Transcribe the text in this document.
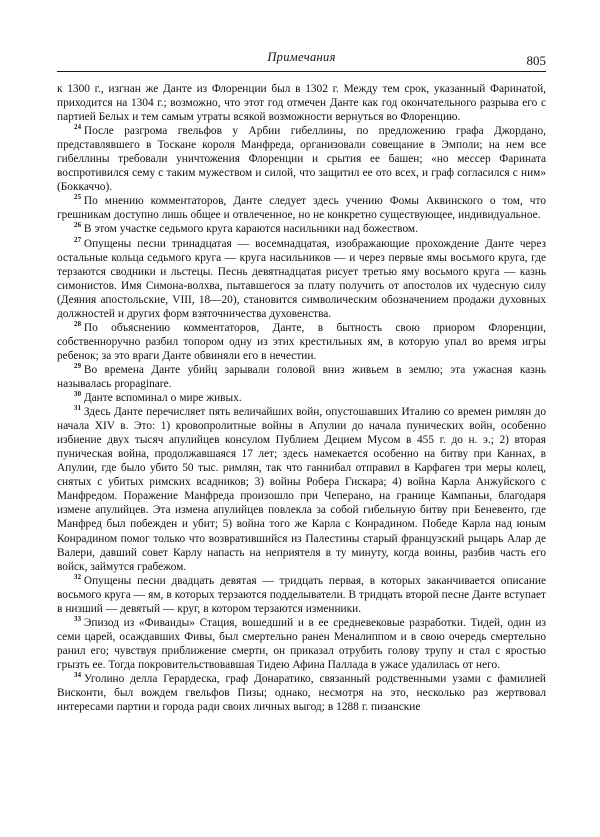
Примечания	805

к 1300 г., изгнан же Данте из Флоренции был в 1302 г. Между тем срок, указанный Фаринатой, приходится на 1304 г.; возможно, что этот год отмечен Данте как год окончательного разрыва его с партией Белых и тем самым утраты всякой возможности вернуться во Флоренцию.

$^{24}$ После разгрома гвельфов у Арбии гибеллины, по предложению графа Джордано, представлявшего в Тоскане короля Манфреда, организовали совещание в Эмполи; на нем все гибеллины требовали уничтожения Флоренции и срытия ее башен; «но мессер Фарината воспротивился сему с таким мужеством и силой, что защитил ее ото всех, и граф согласился с ним» (Боккаччо).

$^{25}$ По мнению комментаторов, Данте следует здесь учению Фомы Аквинского о том, что грешникам доступно лишь общее и отвлеченное, но не конкретно существующее, индивидуальное.

$^{26}$ В этом участке седьмого круга караются насильники над божеством.

$^{27}$ Опущены песни тринадцатая — восемнадцатая, изображающие прохождение Данте через остальные кольца седьмого круга — круга насильников — и через первые ямы восьмого круга, где терзаются сводники и льстецы. Песнь девятнадцатая рисует третью яму восьмого круга — казнь симонистов. Имя Симона-волхва, пытавшегося за плату получить от апостолов их чудесную силу (Деяния апостольские, VIII, 18—20), становится символическим обозначением продажи духовных должностей и других форм взяточничества духовенства.

$^{28}$ По объяснению комментаторов, Данте, в бытность свою приором Флоренции, собственноручно разбил топором одну из этих крестильных ям, в которую упал во время игры ребенок; за это враги Данте обвиняли его в нечестии.

$^{29}$ Во времена Данте убийц зарывали головой вниз живьем в землю; эта ужасная казнь называлась propaginare.

$^{30}$ Данте вспоминал о мире живых.

$^{31}$ Здесь Данте перечисляет пять величайших войн, опустошавших Италию со времен римлян до начала XIV в. Это: 1) кровопролитные войны в Апулии до начала пунических войн, особенно избиение двух тысяч апулийцев консулом Публием Децием Мусом в 455 г. до н. э.; 2) вторая пуническая война, продолжавшаяся 17 лет; здесь намекается особенно на битву при Каннах, в Апулии, где было убито 50 тыс. римлян, так что ганнибал отправил в Карфаген три меры колец, снятых с убитых римских всадников; 3) войны Робера Гискара; 4) война Карла Анжуйского с Манфредом. Поражение Манфреда произошло при Чеперано, на границе Кампаньи, благодаря измене апулийцев. Эта измена апулийцев повлекла за собой гибельную битву при Беневенто, где Манфред был побежден и убит; 5) война того же Карла с Конрадином. Победе Карла над юным Конрадином помог только что возвратившийся из Палестины старый французский рыцарь Алар де Валери, давший совет Карлу напасть на неприятеля в ту минуту, когда воины, разбив часть его войск, займутся грабежом.

$^{32}$ Опущены песни двадцать девятая — тридцать первая, в которых заканчивается описание восьмого круга — ям, в которых терзаются подделыватели. В тридцать второй песне Данте вступает в низший — девятый — круг, в котором терзаются изменники.

$^{33}$ Эпизод из «Фиваиды» Стация, вошедший и в ее средневековые разработки. Тидей, один из семи царей, осаждавших Фивы, был смертельно ранен Меналиппом и в свою очередь смертельно ранил его; чувствуя приближение смерти, он приказал отрубить голову трупу и стал с яростью грызть ее. Тогда покровительствовавшая Тидею Афина Паллада в ужасе удалилась от него.

$^{34}$ Уголино делла Герардеска, граф Донаратико, связанный родственными узами с фамилией Висконти, был вождем гвельфов Пизы; однако, несмотря на это, несколько раз жертвовал интересами партии и города ради своих личных выгод; в 1288 г. пизанские
